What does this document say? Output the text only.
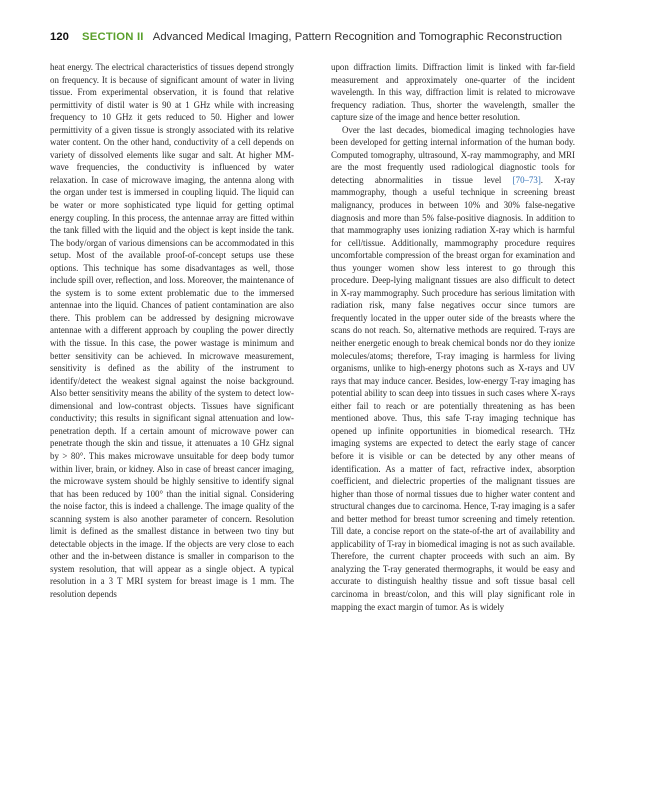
120 SECTION II Advanced Medical Imaging, Pattern Recognition and Tomographic Reconstruction

heat energy. The electrical characteristics of tissues depend strongly on frequency. It is because of significant amount of water in living tissue. From experimental observation, it is found that relative permittivity of distil water is 90 at 1 GHz while with increasing frequency to 10 GHz it gets reduced to 50. Higher and lower permittivity of a given tissue is strongly associated with its relative water content. On the other hand, conductivity of a cell depends on variety of dissolved elements like sugar and salt. At higher MM-wave frequencies, the conductivity is influenced by water relaxation. In case of microwave imaging, the antenna along with the organ under test is immersed in coupling liquid. The liquid can be water or more sophisticated type liquid for getting optimal energy coupling. In this process, the antennae array are fitted within the tank filled with the liquid and the object is kept inside the tank. The body/organ of various dimensions can be accommodated in this setup. Most of the available proof-of-concept setups use these options. This technique has some disadvantages as well, those include spill over, reflection, and loss. Moreover, the maintenance of the system is to some extent problematic due to the immersed antennae into the liquid. Chances of patient contamination are also there. This problem can be addressed by designing microwave antennae with a different approach by coupling the power directly with the tissue. In this case, the power wastage is minimum and better sensitivity can be achieved. In microwave measurement, sensitivity is defined as the ability of the instrument to identify/detect the weakest signal against the noise background. Also better sensitivity means the ability of the system to detect low-dimensional and low-contrast objects. Tissues have significant conductivity; this results in significant signal attenuation and low-penetration depth. If a certain amount of microwave power can penetrate though the skin and tissue, it attenuates a 10 GHz signal by > 80°. This makes microwave unsuitable for deep body tumor within liver, brain, or kidney. Also in case of breast cancer imaging, the microwave system should be highly sensitive to identify signal that has been reduced by 100° than the initial signal. Considering the noise factor, this is indeed a challenge. The image quality of the scanning system is also another parameter of concern. Resolution limit is defined as the smallest distance in between two tiny but detectable objects in the image. If the objects are very close to each other and the in-between distance is smaller in comparison to the system resolution, that will appear as a single object. A typical resolution in a 3 T MRI system for breast image is 1 mm. The resolution depends

upon diffraction limits. Diffraction limit is linked with far-field measurement and approximately one-quarter of the incident wavelength. In this way, diffraction limit is related to microwave frequency radiation. Thus, shorter the wavelength, smaller the capture size of the image and hence better resolution.

Over the last decades, biomedical imaging technologies have been developed for getting internal information of the human body. Computed tomography, ultrasound, X-ray mammography, and MRI are the most frequently used radiological diagnostic tools for detecting abnormalities in tissue level [70–73]. X-ray mammography, though a useful technique in screening breast malignancy, produces in between 10% and 30% false-negative diagnosis and more than 5% false-positive diagnosis. In addition to that mammography uses ionizing radiation X-ray which is harmful for cell/tissue. Additionally, mammography procedure requires uncomfortable compression of the breast organ for examination and thus younger women show less interest to go through this procedure. Deep-lying malignant tissues are also difficult to detect in X-ray mammography. Such procedure has serious limitation with radiation risk, many false negatives occur since tumors are frequently located in the upper outer side of the breasts where the scans do not reach. So, alternative methods are required. T-rays are neither energetic enough to break chemical bonds nor do they ionize molecules/atoms; therefore, T-ray imaging is harmless for living organisms, unlike to high-energy photons such as X-rays and UV rays that may induce cancer. Besides, low-energy T-ray imaging has potential ability to scan deep into tissues in such cases where X-rays either fail to reach or are potentially threatening as has been mentioned above. Thus, this safe T-ray imaging technique has opened up infinite opportunities in biomedical research. THz imaging systems are expected to detect the early stage of cancer before it is visible or can be detected by any other means of identification. As a matter of fact, refractive index, absorption coefficient, and dielectric properties of the malignant tissues are higher than those of normal tissues due to higher water content and structural changes due to carcinoma. Hence, T-ray imaging is a safer and better method for breast tumor screening and timely retention. Till date, a concise report on the state-of-the art of availability and applicability of T-ray in biomedical imaging is not as such available. Therefore, the current chapter proceeds with such an aim. By analyzing the T-ray generated thermographs, it would be easy and accurate to distinguish healthy tissue and soft tissue basal cell carcinoma in breast/colon, and this will play significant role in mapping the exact margin of tumor. As is widely
